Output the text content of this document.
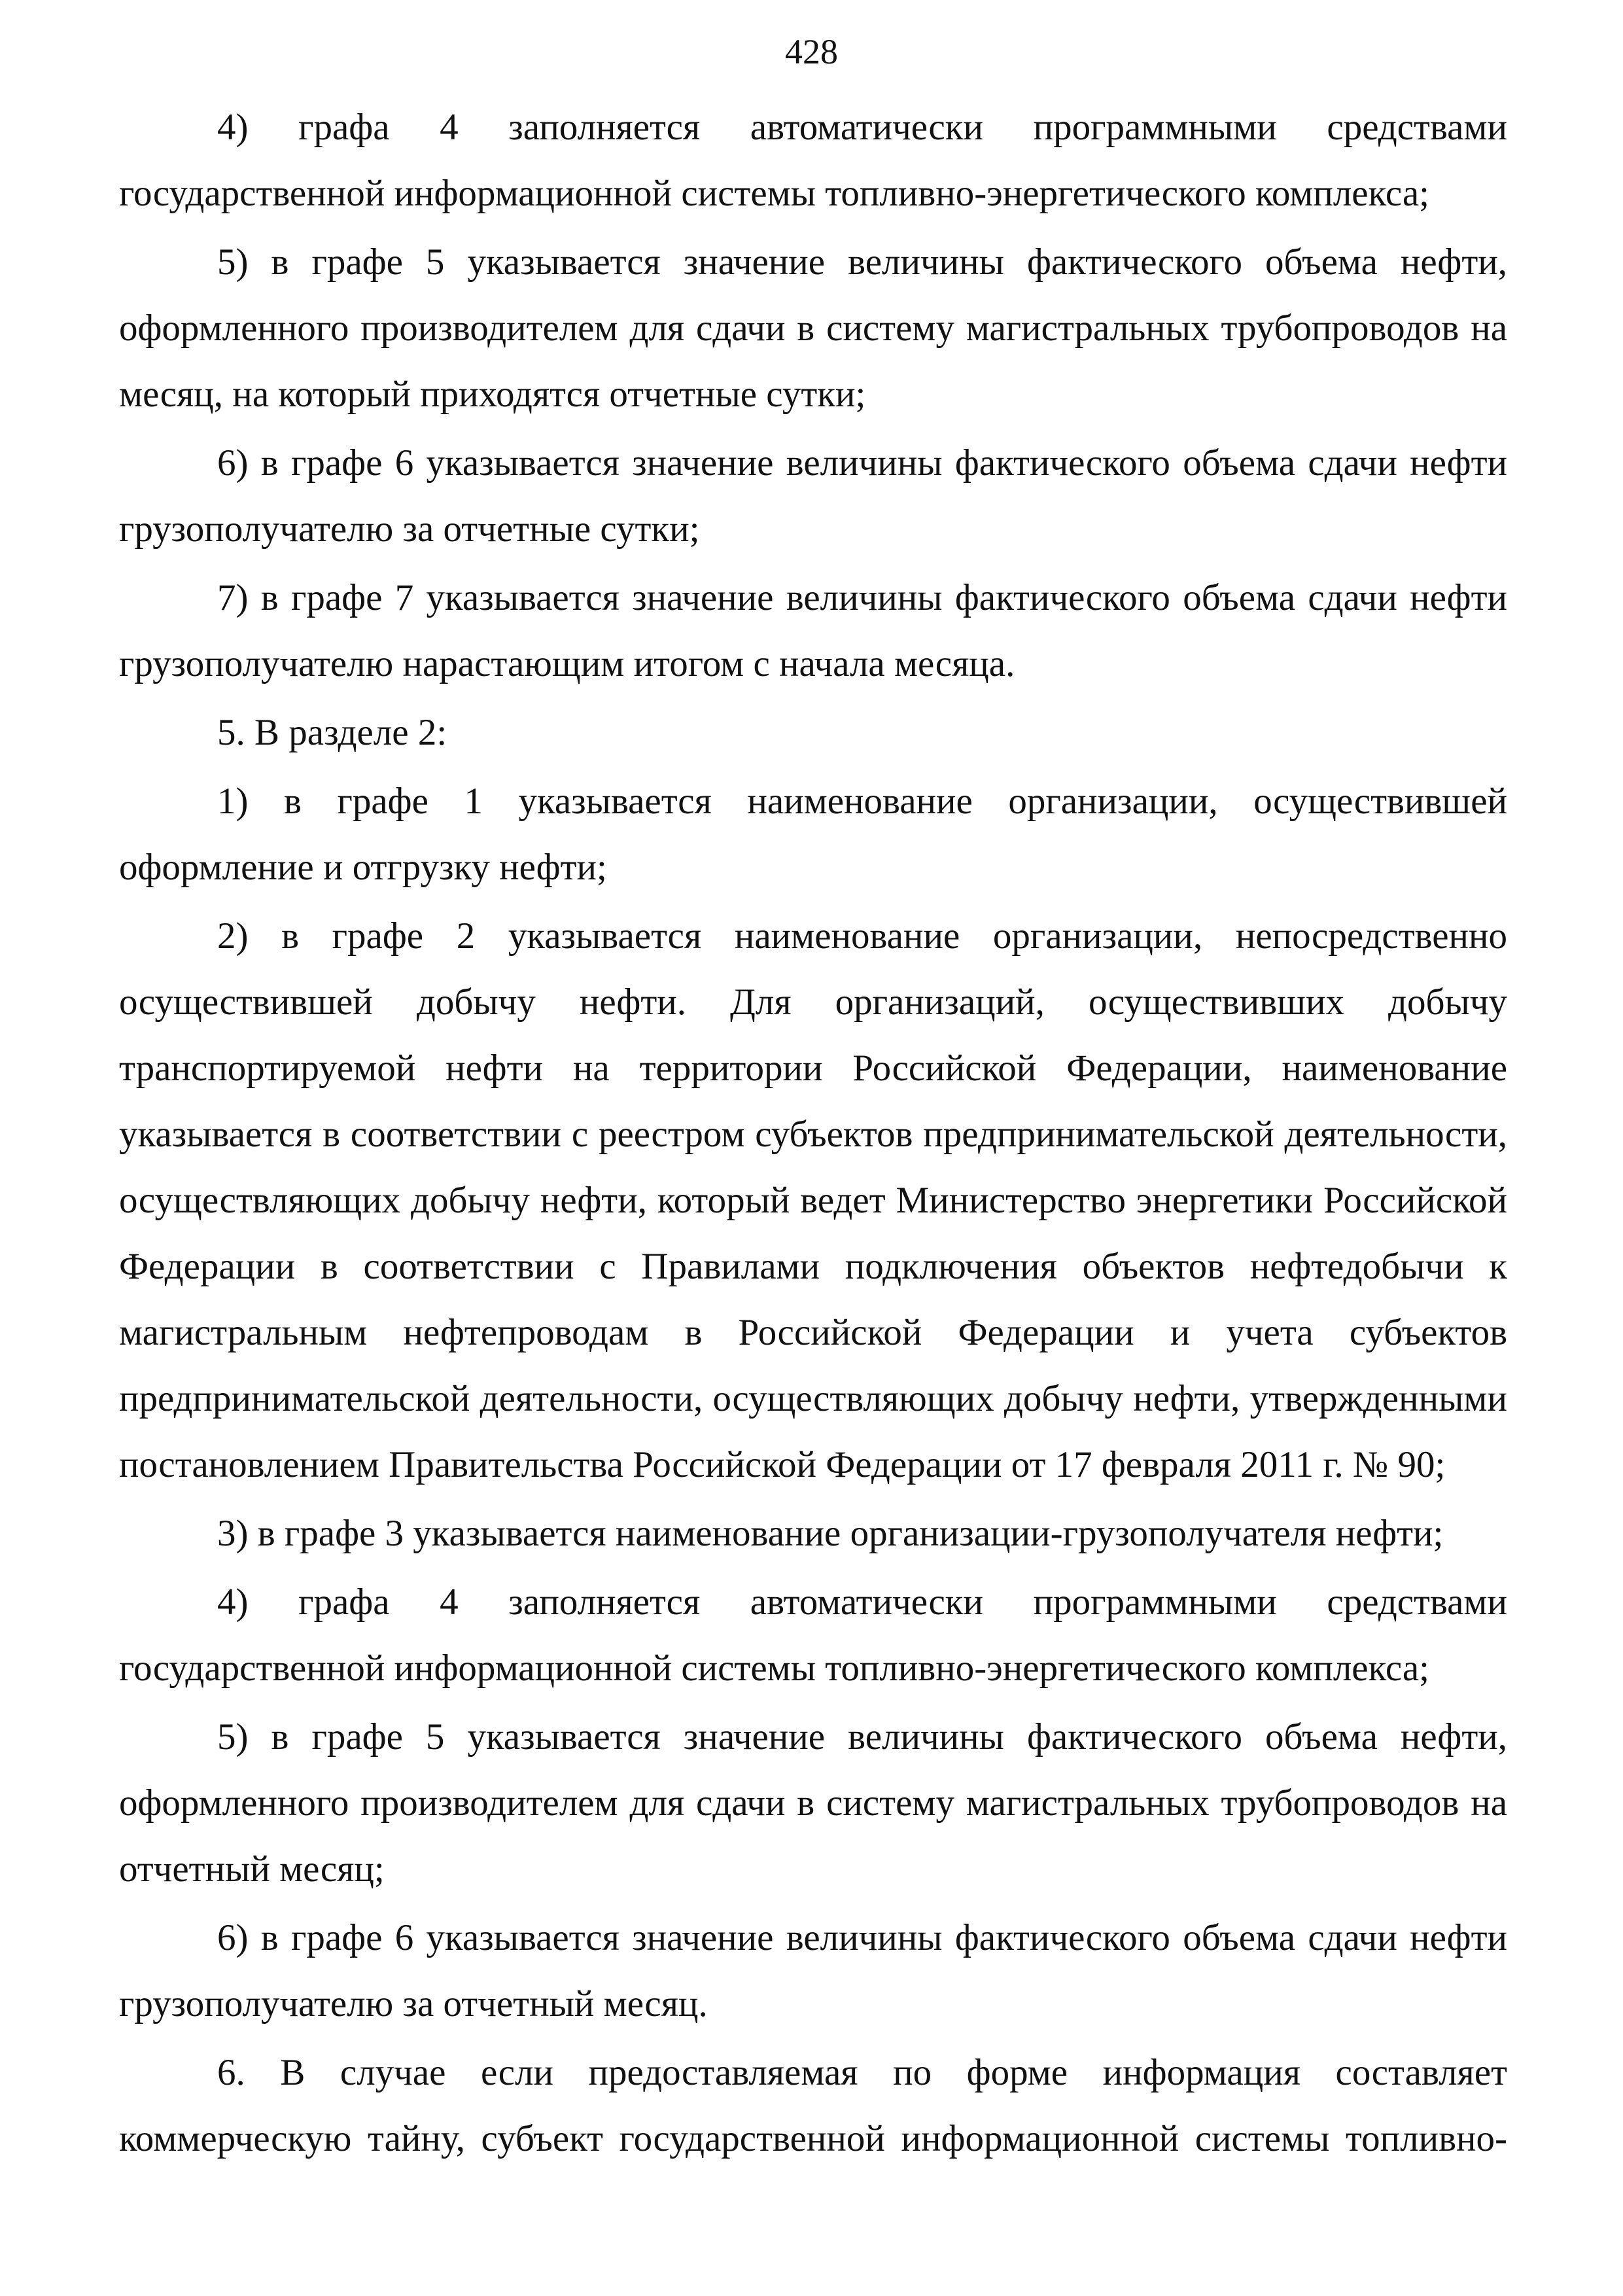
428

4) графа 4 заполняется автоматически программными средствами государственной информационной системы топливно-энергетического комплекса;

5) в графе 5 указывается значение величины фактического объема нефти, оформленного производителем для сдачи в систему магистральных трубопроводов на месяц, на который приходятся отчетные сутки;

6) в графе 6 указывается значение величины фактического объема сдачи нефти грузополучателю за отчетные сутки;

7) в графе 7 указывается значение величины фактического объема сдачи нефти грузополучателю нарастающим итогом с начала месяца.

5. В разделе 2:

1) в графе 1 указывается наименование организации, осуществившей оформление и отгрузку нефти;

2) в графе 2 указывается наименование организации, непосредственно осуществившей добычу нефти. Для организаций, осуществивших добычу транспортируемой нефти на территории Российской Федерации, наименование указывается в соответствии с реестром субъектов предпринимательской деятельности, осуществляющих добычу нефти, который ведет Министерство энергетики Российской Федерации в соответствии с Правилами подключения объектов нефтедобычи к магистральным нефтепроводам в Российской Федерации и учета субъектов предпринимательской деятельности, осуществляющих добычу нефти, утвержденными постановлением Правительства Российской Федерации от 17 февраля 2011 г. № 90;

3) в графе 3 указывается наименование организации-грузополучателя нефти;

4) графа 4 заполняется автоматически программными средствами государственной информационной системы топливно-энергетического комплекса;

5) в графе 5 указывается значение величины фактического объема нефти, оформленного производителем для сдачи в систему магистральных трубопроводов на отчетный месяц;

6) в графе 6 указывается значение величины фактического объема сдачи нефти грузополучателю за отчетный месяц.

6. В случае если предоставляемая по форме информация составляет коммерческую тайну, субъект государственной информационной системы топливно-
